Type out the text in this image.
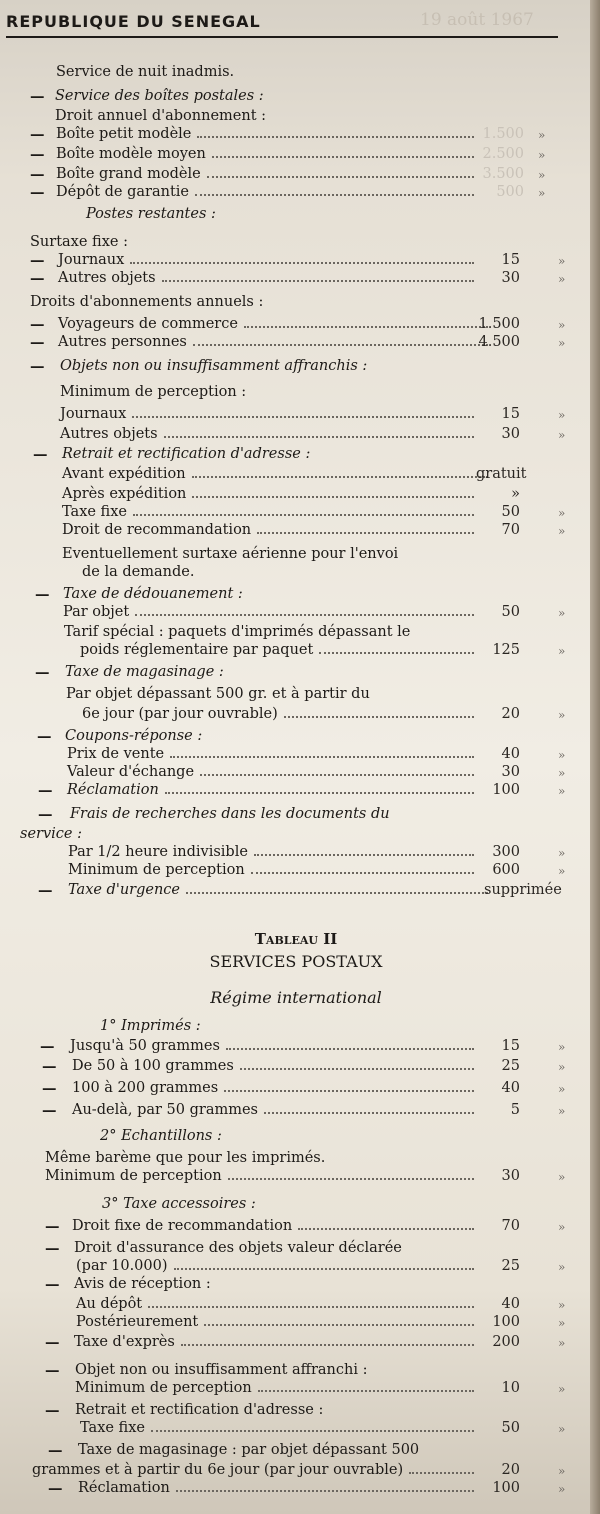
REPUBLIQUE DU SENEGAL	19 août 1967
Service de nuit inadmis.
— Service des boîtes postales :
Droit annuel d'abonnement :
— Boîte petit modèle	1.500 »
— Boîte modèle moyen	2.500 »
— Boîte grand modèle	3.500 »
— Dépôt de garantie	500 »
Postes restantes :
Surtaxe fixe :
— Journaux	15	»
— Autres objets	30	»
Droits d'abonnements annuels :
— Voyageurs de commerce	1.500	»
— Autres personnes	4.500	»
— Objets non ou insuffisamment affranchis :
Minimum de perception :
Journaux	15	»
Autres objets	30	»
— Retrait et rectification d'adresse :
Avant expédition	gratuit
Après expédition	»
Taxe fixe	50	»
Droit de recommandation	70	»
Eventuellement surtaxe aérienne pour l'envoi
de la demande.
— Taxe de dédouanement :
Par objet	50	»
Tarif spécial : paquets d'imprimés dépassant le
poids réglementaire par paquet	125	»
— Taxe de magasinage :
Par objet dépassant 500 gr. et à partir du
6e jour (par jour ouvrable)	20	»
— Coupons-réponse :
Prix de vente	40	»
Valeur d'échange	30	»
— Réclamation	100	»
— Frais de recherches dans les documents du
service :
Par 1/2 heure indivisible	300	»
Minimum de perception	600	»
— Taxe d'urgence	supprimée
Tableau II
SERVICES POSTAUX
Régime international
1° Imprimés :
— Jusqu'à 50 grammes	15	»
— De 50 à 100 grammes	25	»
— 100 à 200 grammes	40	»
— Au-delà, par 50 grammes	5	»
2° Echantillons :
Même barème que pour les imprimés.
Minimum de perception	30	»
3° Taxe accessoires :
— Droit fixe de recommandation	70	»
— Droit d'assurance des objets valeur déclarée
(par 10.000)	25	»
— Avis de réception :
Au dépôt	40	»
Postérieurement	100	»
— Taxe d'exprès	200	»
— Objet non ou insuffisamment affranchi :
Minimum de perception	10	»
— Retrait et rectification d'adresse :
Taxe fixe	50	»
— Taxe de magasinage : par objet dépassant 500
grammes et à partir du 6e jour (par jour ouvrable)	20	»
— Réclamation	100	»
